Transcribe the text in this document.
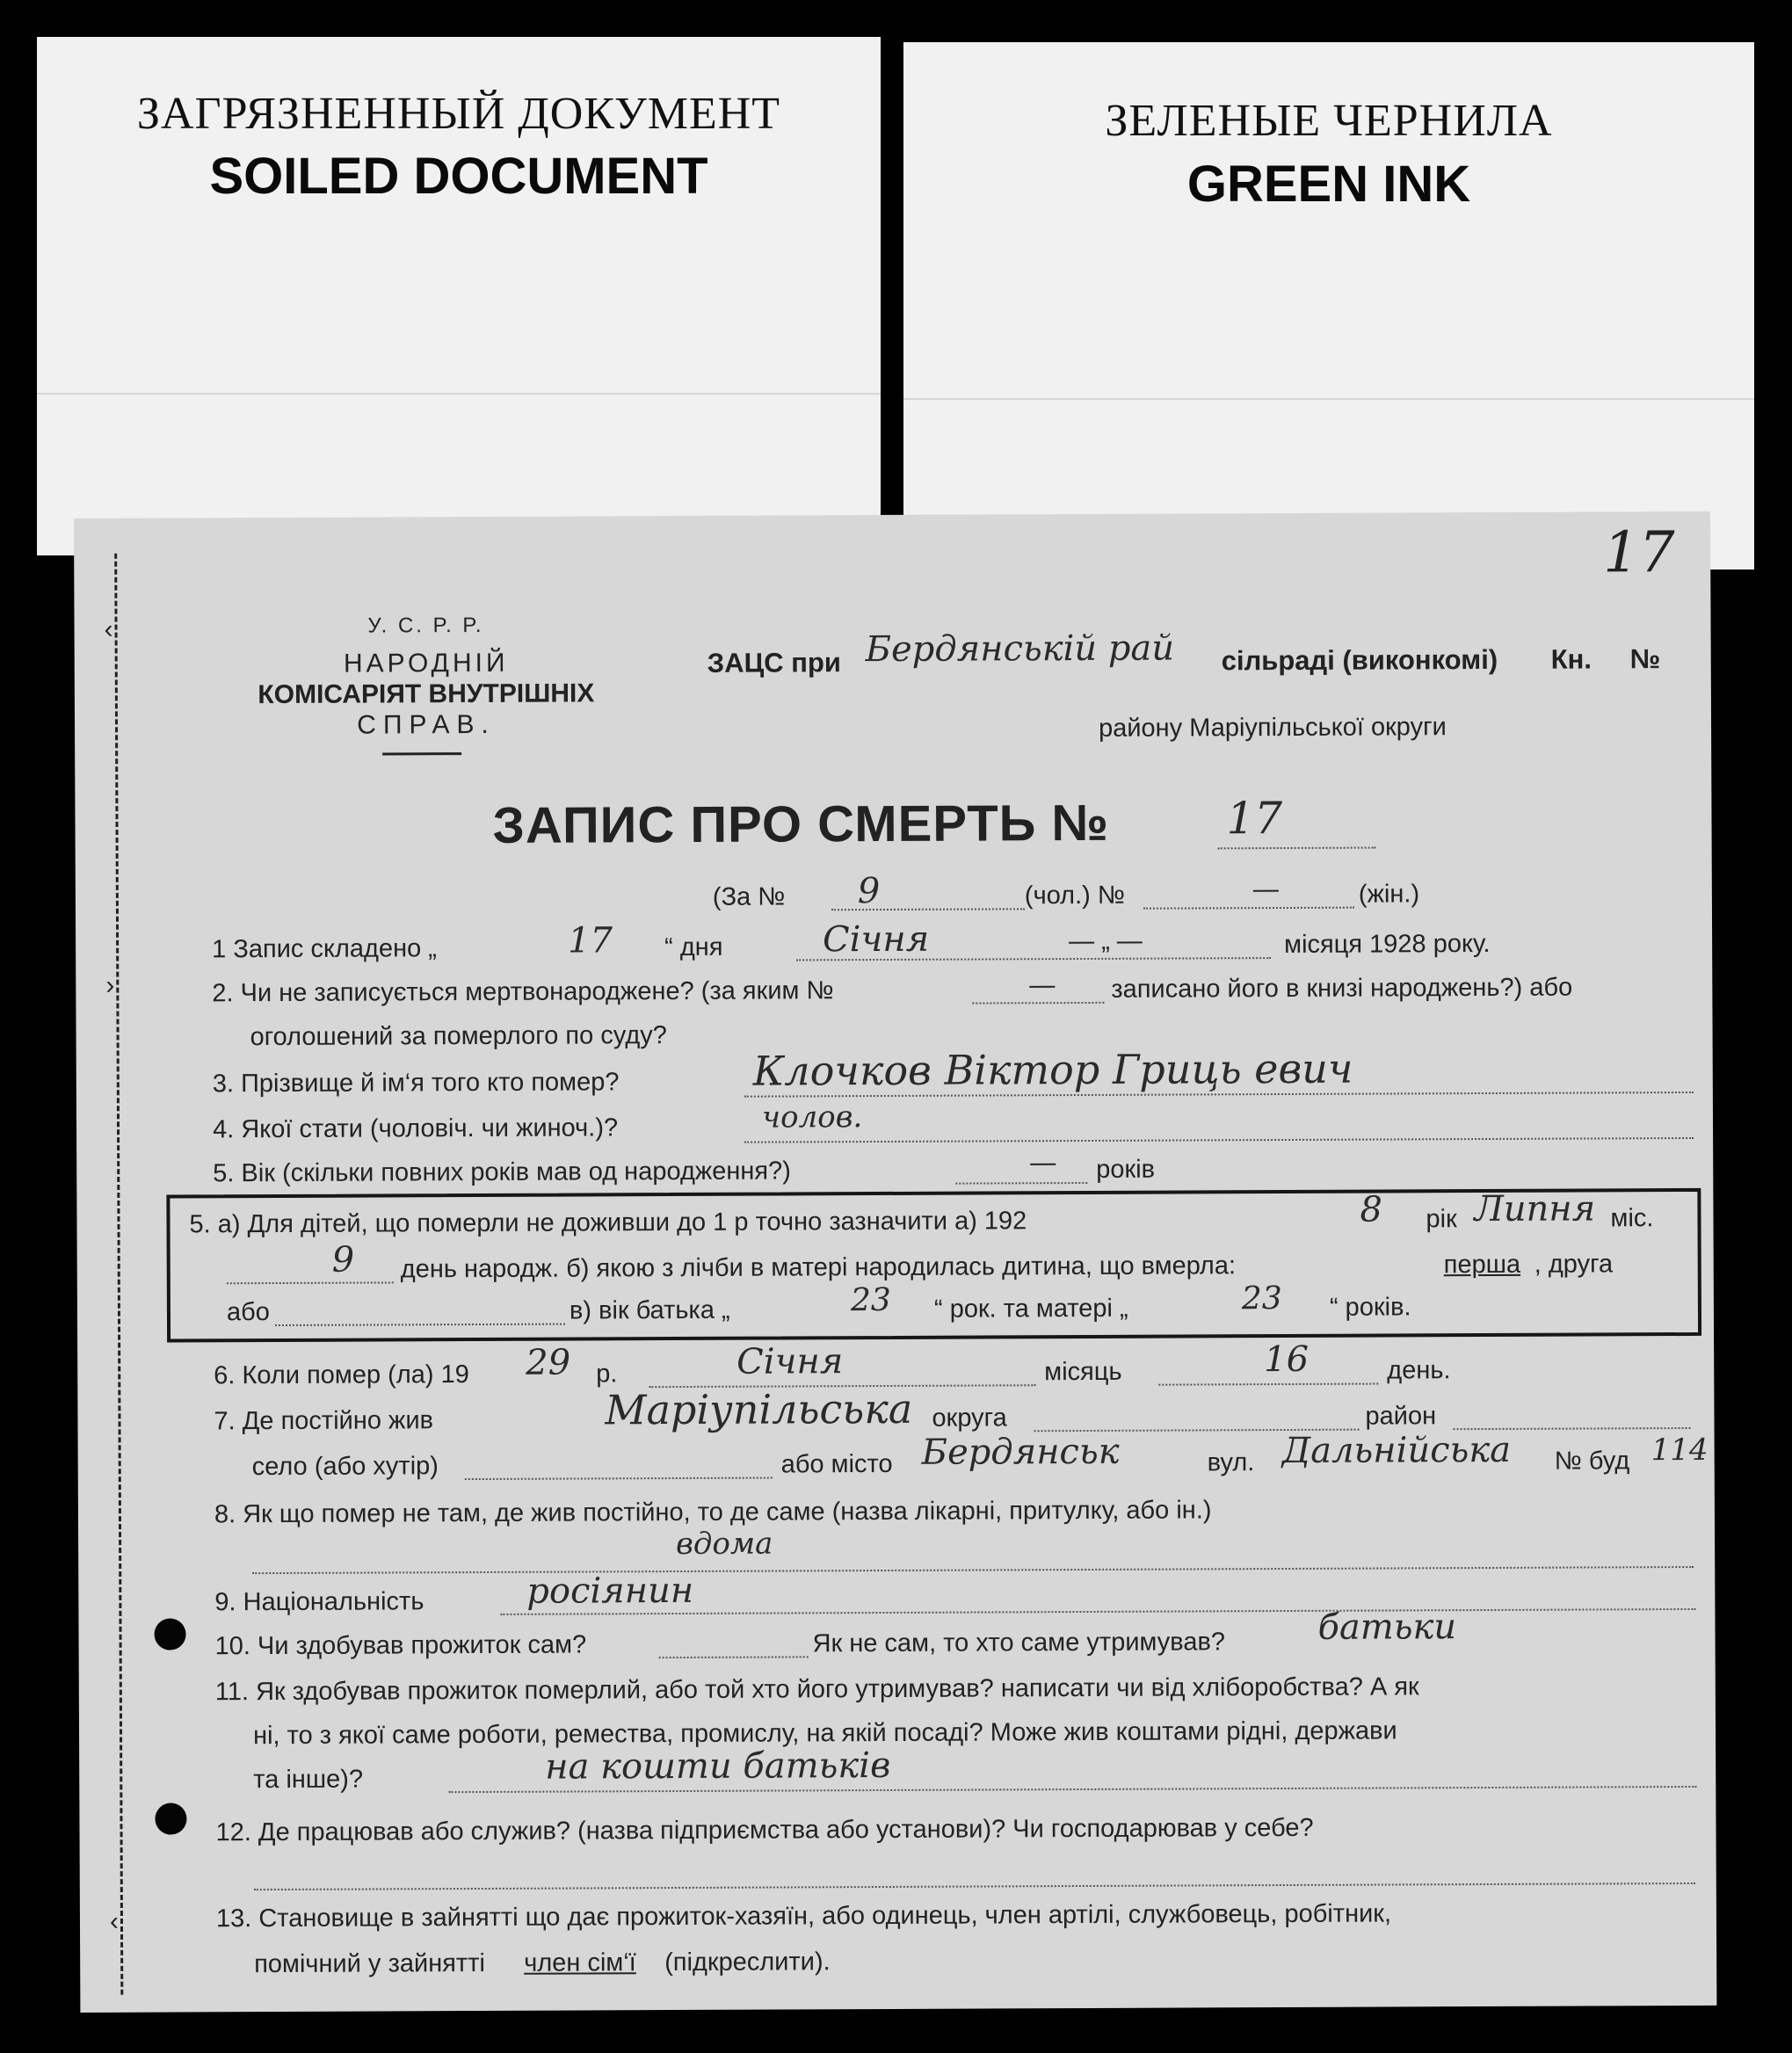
ЗАГРЯЗНЕННЫЙ ДОКУМЕНТ
SOILED DOCUMENT
ЗЕЛЕНЫЕ ЧЕРНИЛА
GREEN INK
‹
›
‹
17
У. С. Р. Р.
НАРОДНІЙ
КОМІСАРІЯТ ВНУТРІШНІХ
СПРАВ.
ЗАЦС при Бердянській рай сільраді (виконкомі) Кн. №
району Маріупільської округи
ЗАПИС ПРО СМЕРТЬ №	17
(За № 9	(чол.) №	—	(жін.)
1 Запис складено „	17 “ дня	Січня	— „ —	місяця 1928 року.
2. Чи не записується мертвонароджене? (за яким №	— записано його в книзі народжень?) або
оголошений за померлого по суду?
3. Прізвище й ім‘я того кто помер?	Клочков Віктор Гриць евич
4. Якої стати (чоловіч. чи жиноч.)?	чолов.
5. Вік (скільки повних років мав од народження?)	— років
5. а) Для дітей, що померли не доживши до 1 р точно зазначити а) 192	8 рік Липня міс.
9 день народж. б) якою з лічби в матері народилась дитина, що вмерла:	перша , друга
або	в) вік батька „	23 “ рок. та матері „	23 “ років.
6. Коли помер (ла) 19 29 р.	Січня	місяць	16	день.
7. Де постійно жив	Маріупільська округа	район
село (або хутір)	або місто Бердянськ	вул. Дальнійська № буд 114
8. Як що помер не там, де жив постійно, то де саме (назва лікарні, притулку, або ін.)
вдома
9. Національність	росіянин
10. Чи здобував прожиток сам?	Як не сам, то хто саме утримував?	батьки
11. Як здобував прожиток померлий, або той хто його утримував? написати чи від хліборобства? А як
ні, то з якої саме роботи, ремества, промислу, на якій посаді? Може жив коштами рідні, держави
та інше)?	на кошти батьків
12. Де працював або служив? (назва підприємства або установи)? Чи господарював у себе?
13. Становище в зайнятті що дає прожиток-хазяїн, або одинець, член артілі, службовець, робітник,
помічний у зайнятті член сім‘ї (підкреслити).
